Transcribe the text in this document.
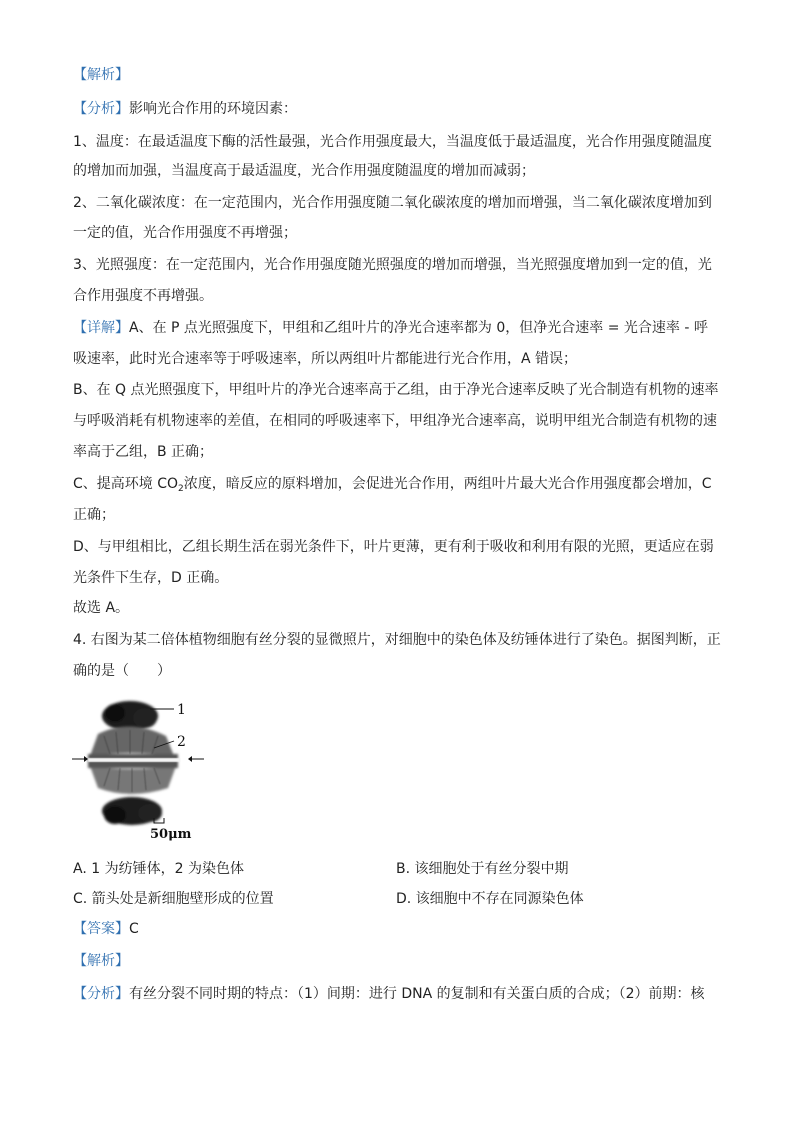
【解析】
【分析】影响光合作用的环境因素：
1、温度：在最适温度下酶的活性最强，光合作用强度最大，当温度低于最适温度，光合作用强度随温度
的增加而加强，当温度高于最适温度，光合作用强度随温度的增加而减弱；
2、二氧化碳浓度：在一定范围内，光合作用强度随二氧化碳浓度的增加而增强，当二氧化碳浓度增加到
一定的值，光合作用强度不再增强；
3、光照强度：在一定范围内，光合作用强度随光照强度的增加而增强，当光照强度增加到一定的值，光
合作用强度不再增强。
【详解】A、在 P 点光照强度下，甲组和乙组叶片的净光合速率都为 0，但净光合速率 = 光合速率 - 呼
吸速率，此时光合速率等于呼吸速率，所以两组叶片都能进行光合作用，A 错误；
B、在 Q 点光照强度下，甲组叶片的净光合速率高于乙组，由于净光合速率反映了光合制造有机物的速率
与呼吸消耗有机物速率的差值，在相同的呼吸速率下，甲组净光合速率高，说明甲组光合制造有机物的速
率高于乙组，B 正确；
C、提高环境 $CO_2$浓度，暗反应的原料增加，会促进光合作用，两组叶片最大光合作用强度都会增加，C
正确；
D、与甲组相比，乙组长期生活在弱光条件下，叶片更薄，更有利于吸收和利用有限的光照，更适应在弱
光条件下生存，D 正确。
故选 A。
4. 右图为某二倍体植物细胞有丝分裂的显微照片，对细胞中的染色体及纺锤体进行了染色。据图判断，正
确的是（　　）
1
2
50μm
A. 1 为纺锤体，2 为染色体	B. 该细胞处于有丝分裂中期
C. 箭头处是新细胞壁形成的位置	D. 该细胞中不存在同源染色体
【答案】C
【解析】
【分析】有丝分裂不同时期的特点：（1）间期：进行 DNA 的复制和有关蛋白质的合成；（2）前期：核
